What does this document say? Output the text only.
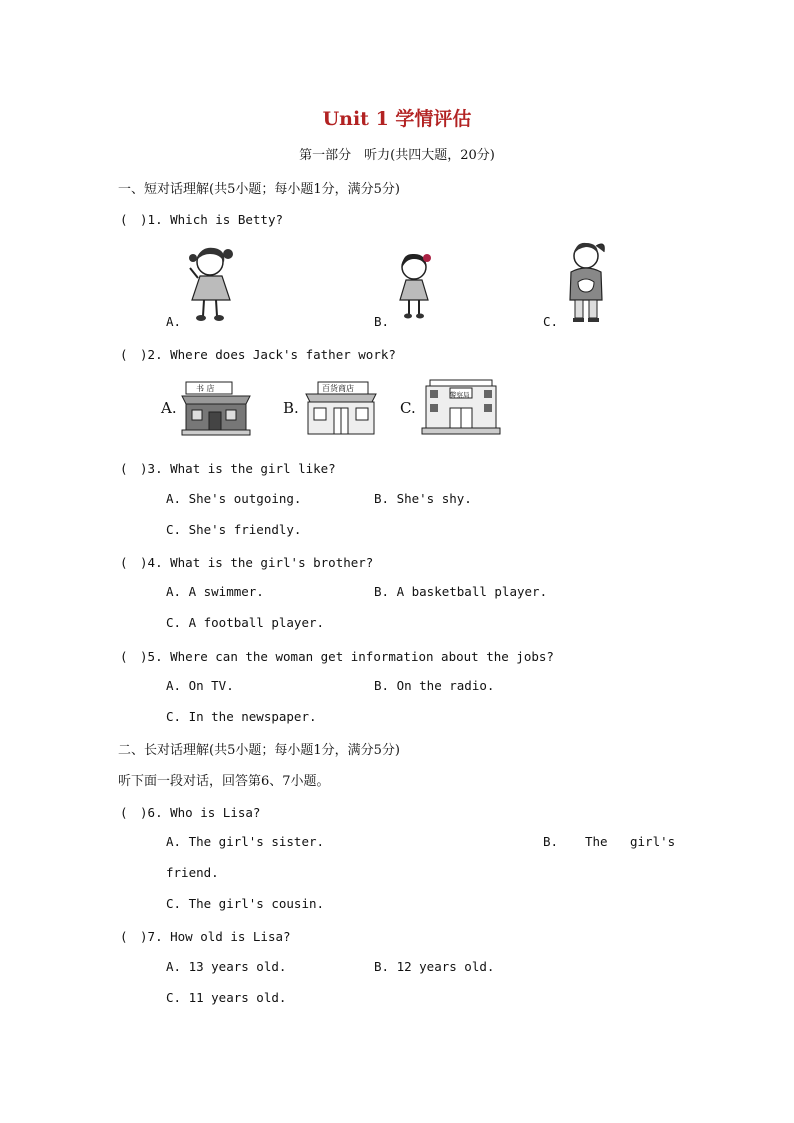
Unit 1 学情评估
第一部分　听力(共四大题，20分)
一、短对话理解(共5小题；每小题1分，满分5分)
(　)1. Which is Betty?
A.	B.	C.
(　)2. Where does Jack's father work?
A.
书 店
B.
百货商店
C.
警察局
(　)3. What is the girl like?
A. She's outgoing.	B. She's shy.
C. She's friendly.
(　)4. What is the girl's brother?
A. A swimmer.	B. A basketball player.
C. A football player.
(　)5. Where can the woman get information about the jobs?
A. On TV.	B. On the radio.
C. In the newspaper.
二、长对话理解(共5小题；每小题1分，满分5分)
听下面一段对话，回答第6、7小题。
(　)6. Who is Lisa?
A. The girl's sister.	B. The girl's
friend.
C. The girl's cousin.
(　)7. How old is Lisa?
A. 13 years old.	B. 12 years old.
C. 11 years old.
